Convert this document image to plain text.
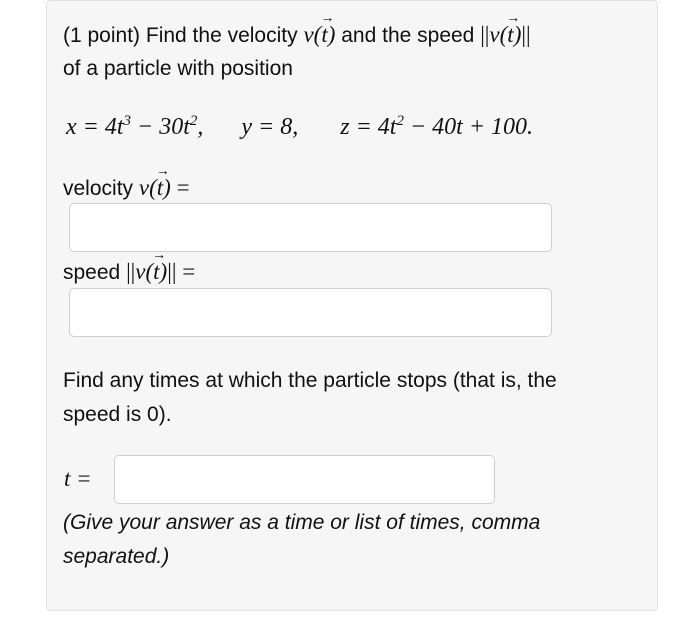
(1 point) Find the velocity v(→ t) and the speed ||v(→ t)||
of a particle with position
$x = 4t^3 - 30t^2$, y = 8, $z = 4t^2 - 40t + 100$.
velocity v(→ t) =
speed ||v(→ t)|| =
Find any times at which the particle stops (that is, the
speed is 0).
t =
(Give your answer as a time or list of times, comma
separated.)
